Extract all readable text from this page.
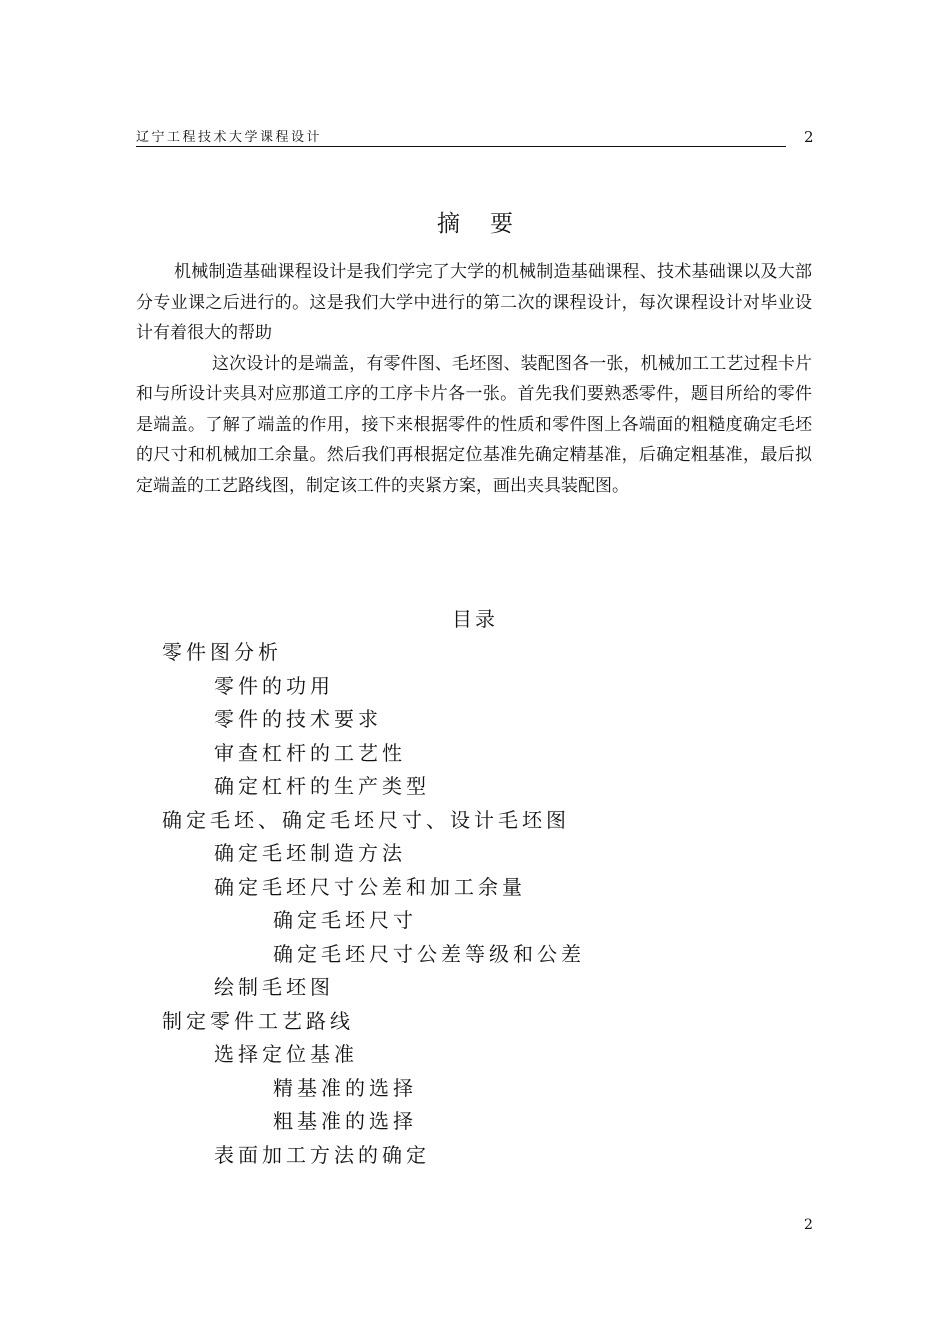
辽宁工程技术大学课程设计	2
摘 要

机械制造基础课程设计是我们学完了大学的机械制造基础课程、技术基础课以及大部分专业课之后进行的。这是我们大学中进行的第二次的课程设计，每次课程设计对毕业设计有着很大的帮助

这次设计的是端盖，有零件图、毛坯图、装配图各一张，机械加工工艺过程卡片和与所设计夹具对应那道工序的工序卡片各一张。首先我们要熟悉零件，题目所给的零件是端盖。了解了端盖的作用，接下来根据零件的性质和零件图上各端面的粗糙度确定毛坯的尺寸和机械加工余量。然后我们再根据定位基准先确定精基准，后确定粗基准，最后拟定端盖的工艺路线图，制定该工件的夹紧方案，画出夹具装配图。

目录
零件图分析
零件的功用
零件的技术要求
审查杠杆的工艺性
确定杠杆的生产类型
确定毛坯、确定毛坯尺寸、设计毛坯图
确定毛坯制造方法
确定毛坯尺寸公差和加工余量
确定毛坯尺寸
确定毛坯尺寸公差等级和公差
绘制毛坯图
制定零件工艺路线
选择定位基准
精基准的选择
粗基准的选择
表面加工方法的确定
2
